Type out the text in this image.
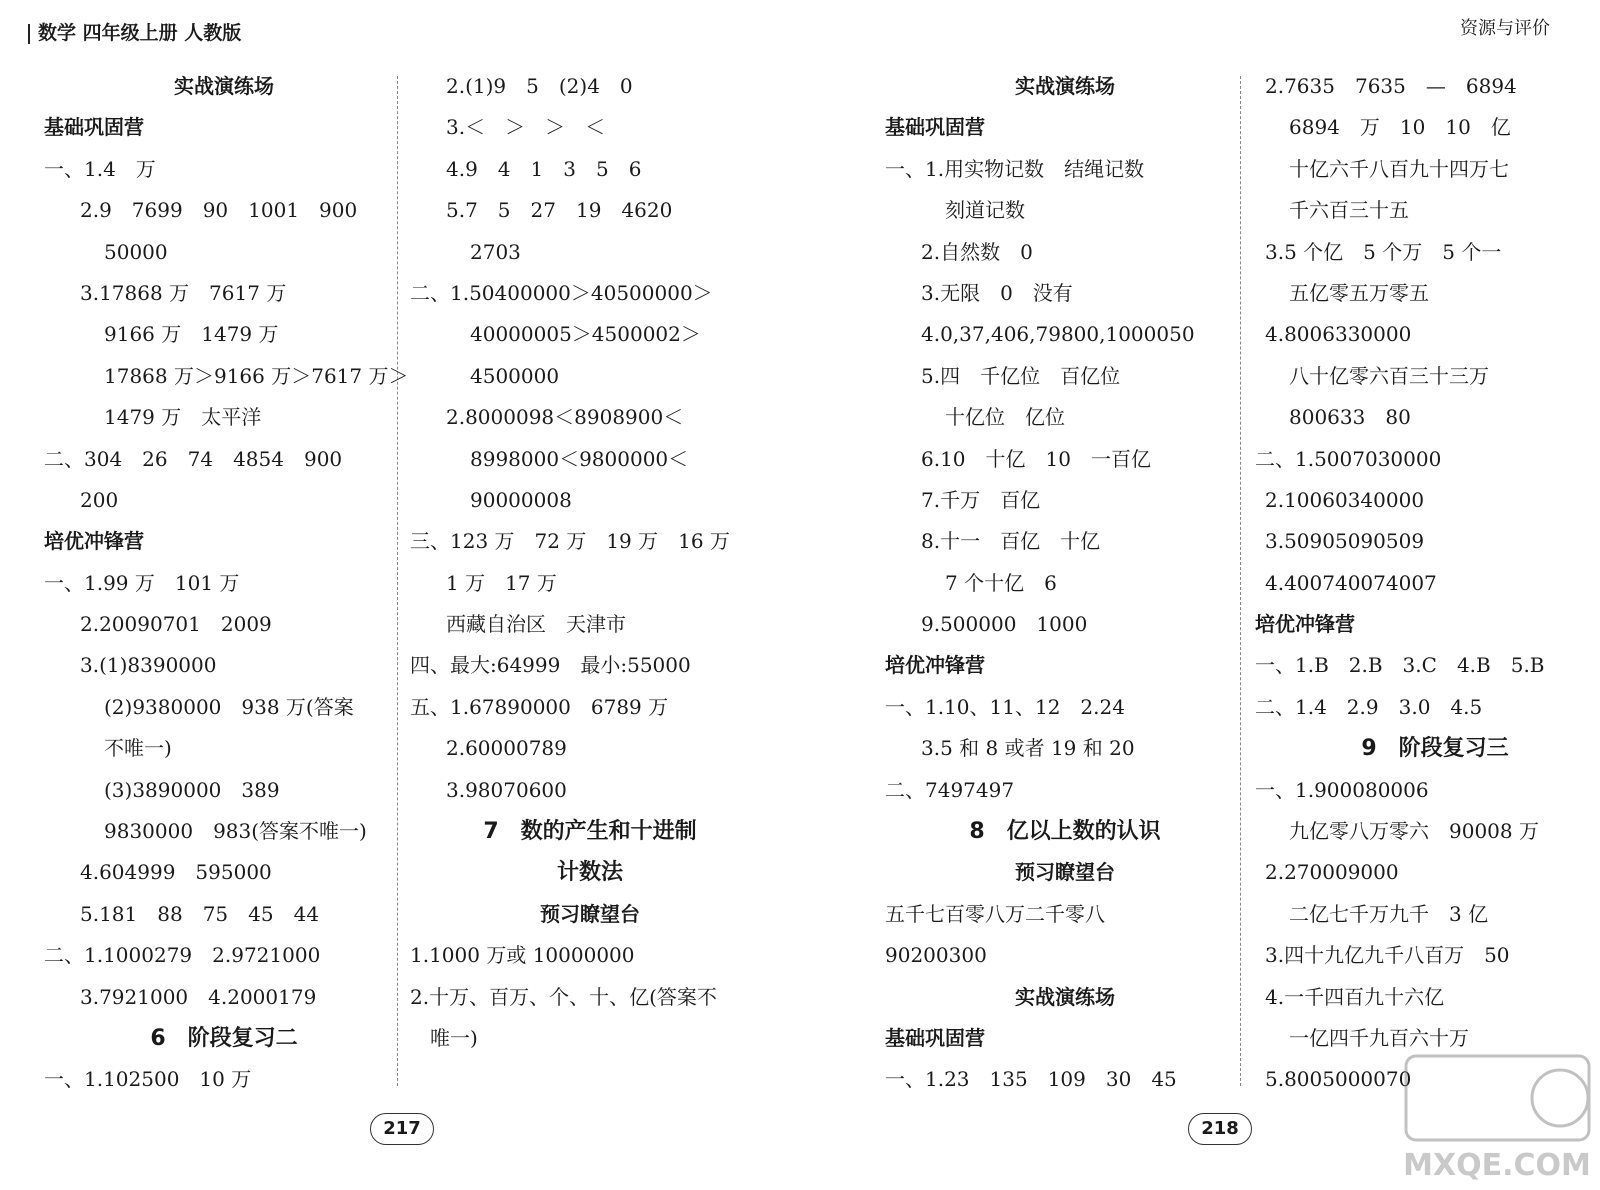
数学 四年级上册 人教版	资源与评价
实战演练场
基础巩固营
一、1.4　万
2.9　7699　90　1001　900
50000
3.17868 万　7617 万
9166 万　1479 万
17868 万＞9166 万＞7617 万＞
1479 万　太平洋
二、304　26　74　4854　900
200
培优冲锋营
一、1.99 万　101 万
2.20090701　2009
3.(1)8390000
(2)9380000　938 万(答案
不唯一)
(3)3890000　389
9830000　983(答案不唯一)
4.604999　595000
5.181　88　75　45　44
二、1.1000279　2.9721000
3.7921000　4.2000179
6　阶段复习二
一、1.102500　10 万
2.(1)9　5　(2)4　0
3.＜　＞　＞　＜
4.9　4　1　3　5　6
5.7　5　27　19　4620
2703
二、1.50400000＞40500000＞
40000005＞4500002＞
4500000
2.8000098＜8908900＜
8998000＜9800000＜
90000008
三、123 万　72 万　19 万　16 万
1 万　17 万
西藏自治区　天津市
四、最大:64999　最小:55000
五、1.67890000　6789 万
2.60000789
3.98070600
7　数的产生和十进制
计数法
预习瞭望台
1.1000 万或 10000000
2.十万、百万、个、十、亿(答案不
唯一)
实战演练场
基础巩固营
一、1.用实物记数　结绳记数
刻道记数
2.自然数　0
3.无限　0　没有
4.0,37,406,79800,1000050
5.四　千亿位　百亿位
十亿位　亿位
6.10　十亿　10　一百亿
7.千万　百亿
8.十一　百亿　十亿
7 个十亿　6
9.500000　1000
培优冲锋营
一、1.10、11、12　2.24
3.5 和 8 或者 19 和 20
二、7497497
8　亿以上数的认识
预习瞭望台
五千七百零八万二千零八
90200300
实战演练场
基础巩固营
一、1.23　135　109　30　45
2.7635　7635　—　6894
6894　万　10　10　亿
十亿六千八百九十四万七
千六百三十五
3.5 个亿　5 个万　5 个一
五亿零五万零五
4.8006330000
八十亿零六百三十三万
800633　80
二、1.5007030000
2.10060340000
3.50905090509
4.400740074007
培优冲锋营
一、1.B　2.B　3.C　4.B　5.B
二、1.4　2.9　3.0　4.5
9　阶段复习三
一、1.900080006
九亿零八万零六　90008 万
2.270009000
二亿七千万九千　3 亿
3.四十九亿九千八百万　50
4.一千四百九十六亿
一亿四千九百六十万
5.8005000070
217	218
MXQE.COM
